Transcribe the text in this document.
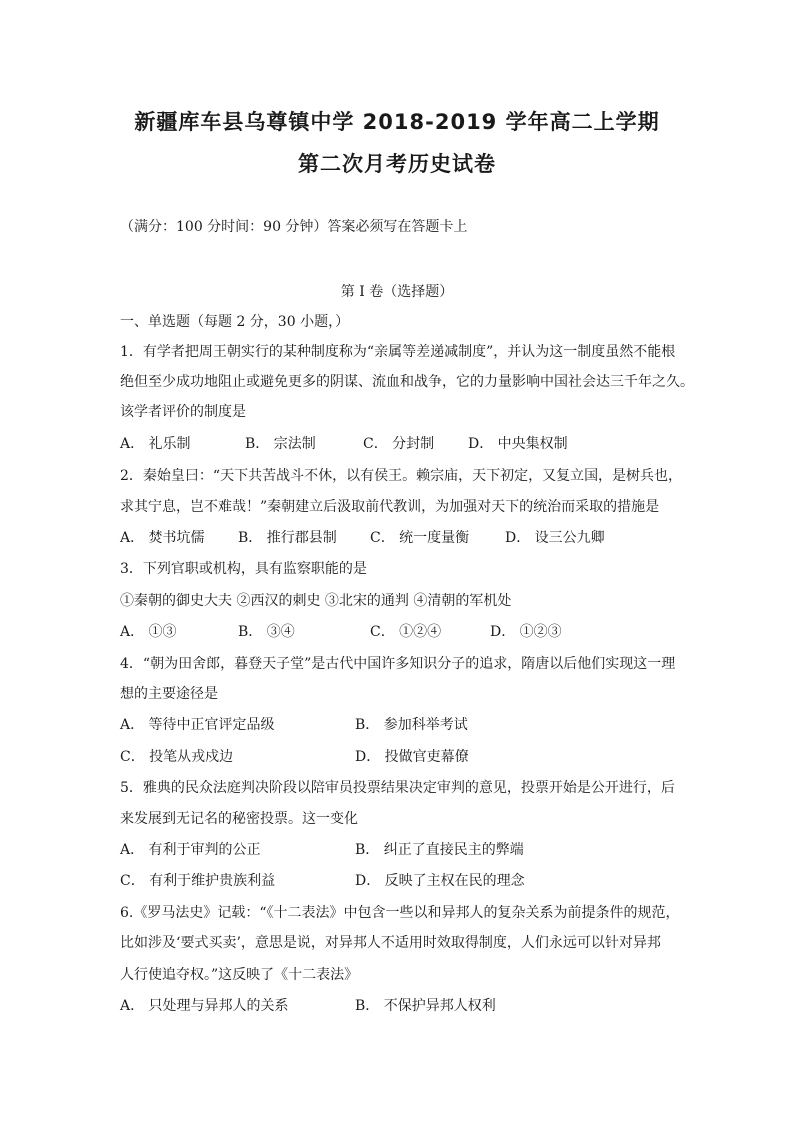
新疆库车县乌尊镇中学 2018-2019 学年高二上学期
第二次月考历史试卷
（满分：100 分时间：90 分钟）答案必须写在答题卡上
第 I 卷（选择题）
一、单选题（每题 2 分，30 小题，）
1．有学者把周王朝实行的某种制度称为“亲属等差递减制度”，并认为这一制度虽然不能根
绝但至少成功地阻止或避免更多的阴谋、流血和战争，它的力量影响中国社会达三千年之久。
该学者评价的制度是
A． 礼乐制	B． 宗法制	C． 分封制 D． 中央集权制
2．秦始皇曰：“天下共苦战斗不休，以有侯王。赖宗庙，天下初定，又复立国，是树兵也，
求其宁息，岂不难哉！”秦朝建立后汲取前代教训，为加强对天下的统治而采取的措施是
A． 焚书坑儒 B． 推行郡县制 C． 统一度量衡	D． 设三公九卿
3．下列官职或机构，具有监察职能的是
①秦朝的御史大夫 ②西汉的刺史 ③北宋的通判 ④清朝的军机处
A． ①③	B． ③④	C． ①②④	D． ①②③
4．“朝为田舍郎，暮登天子堂”是古代中国许多知识分子的追求，隋唐以后他们实现这一理
想的主要途径是
A． 等待中正官评定品级	B． 参加科举考试
C． 投笔从戎戍边	D． 投做官吏幕僚
5．雅典的民众法庭判决阶段以陪审员投票结果决定审判的意见，投票开始是公开进行，后
来发展到无记名的秘密投票。这一变化
A． 有利于审判的公正	B． 纠正了直接民主的弊端
C． 有利于维护贵族利益	D． 反映了主权在民的理念
6.《罗马法史》记载：“《十二表法》中包含一些以和异邦人的复杂关系为前提条件的规范，
比如涉及‘要式买卖’，意思是说，对异邦人不适用时效取得制度，人们永远可以针对异邦
人行使追夺权。”这反映了《十二表法》
A． 只处理与异邦人的关系	B． 不保护异邦人权利
